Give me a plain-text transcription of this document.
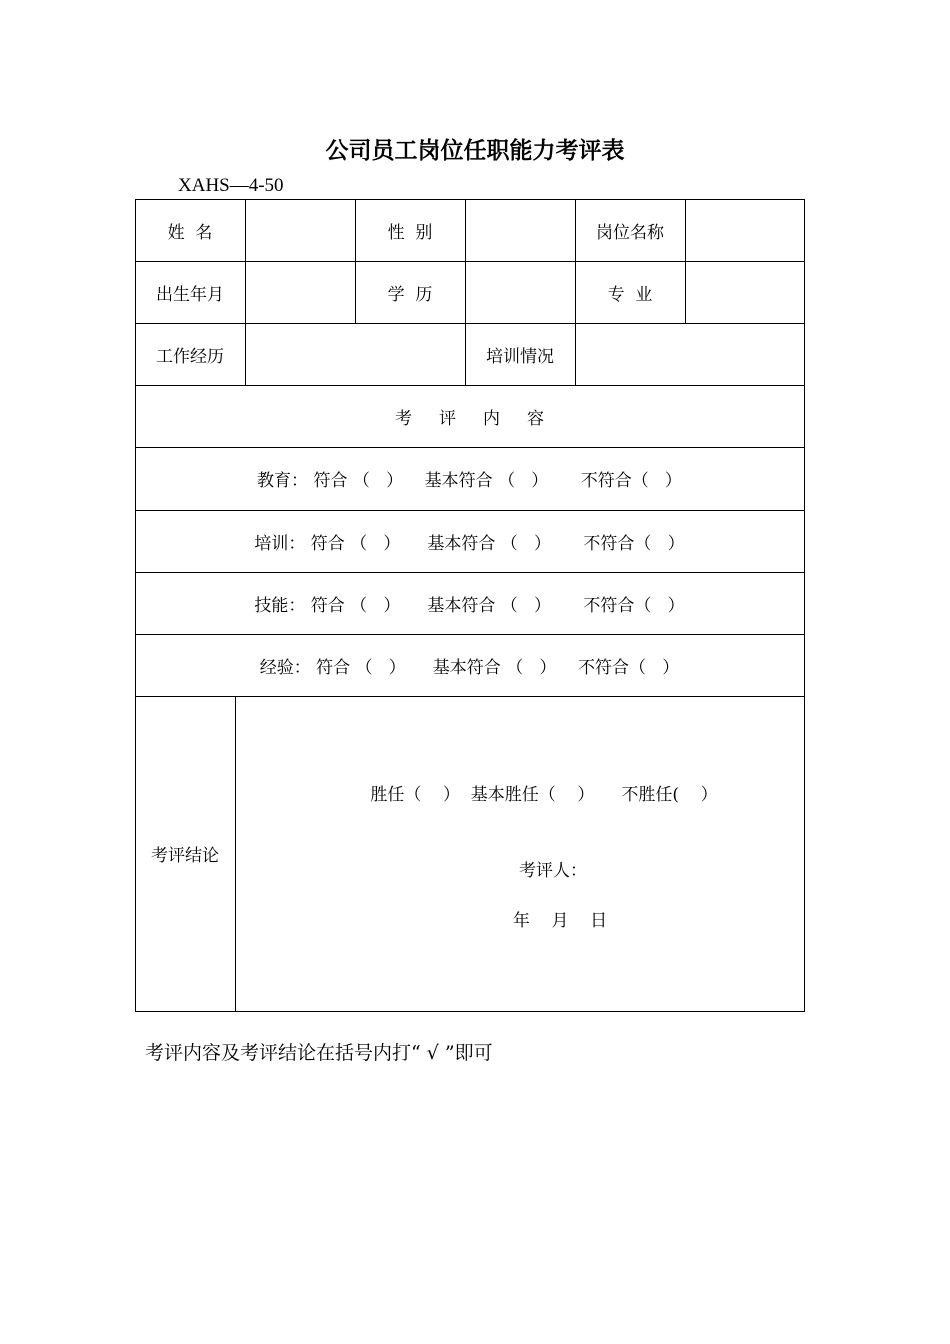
公司员工岗位任职能力考评表
XAHS—4-50
姓  名	性  别	岗位名称
出生年月	学  历	专  业
工作经历	培训情况
考     评     内     容
教育： 符合 （   ）    基本符合 （   ）      不符合（   ）
培训： 符合 （   ）     基本符合 （   ）      不符合（   ）
技能： 符合 （   ）     基本符合 （   ）      不符合（   ）
经验： 符合 （   ）     基本符合 （   ）    不符合（   ）
考评结论
胜任（    ）  基本胜任（    ）     不胜任(    ）
考评人：
年    月    日
考评内容及考评结论在括号内打“ √ ”即可
